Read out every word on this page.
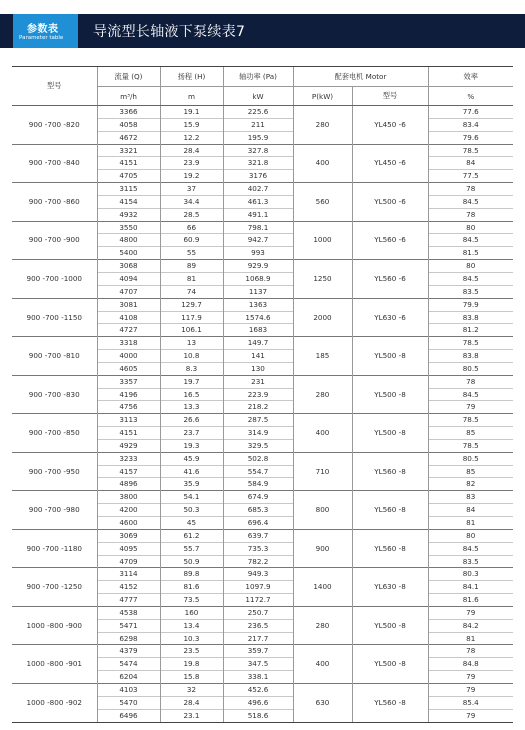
参数表
Parameter table 导流型长轴液下泵续表7
型号	流量 (Q)	扬程 (H)	轴功率 (Pa)	配套电机 Motor		效率
	m³/h	m	kW	P(kW)	型号	%
900 -700 -820	3366	19.1	225.6	280	YL450 -6	77.6
	4058	15.9	211			83.4
	4672	12.2	195.9			79.6
900 -700 -840	3321	28.4	327.8	400	YL450 -6	78.5
	4151	23.9	321.8			84
	4705	19.2	3176			77.5
900 -700 -860	3115	37	402.7	560	YL500 -6	78
	4154	34.4	461.3			84.5
	4932	28.5	491.1			78
900 -700 -900	3550	66	798.1	1000	YL560 -6	80
	4800	60.9	942.7			84.5
	5400	55	993			81.5
900 -700 -1000	3068	89	929.9	1250	YL560 -6	80
	4094	81	1068.9			84.5
	4707	74	1137			83.5
900 -700 -1150	3081	129.7	1363	2000	YL630 -6	79.9
	4108	117.9	1574.6			83.8
	4727	106.1	1683			81.2
900 -700 -810	3318	13	149.7	185	YL500 -8	78.5
	4000	10.8	141			83.8
	4605	8.3	130			80.5
900 -700 -830	3357	19.7	231	280	YL500 -8	78
	4196	16.5	223.9			84.5
	4756	13.3	218.2			79
900 -700 -850	3113	26.6	287.5	400	YL500 -8	78.5
	4151	23.7	314.9			85
	4929	19.3	329.5			78.5
900 -700 -950	3233	45.9	502.8	710	YL560 -8	80.5
	4157	41.6	554.7			85
	4896	35.9	584.9			82
900 -700 -980	3800	54.1	674.9	800	YL560 -8	83
	4200	50.3	685.3			84
	4600	45	696.4			81
900 -700 -1180	3069	61.2	639.7	900	YL560 -8	80
	4095	55.7	735.3			84.5
	4709	50.9	782.2			83.5
900 -700 -1250	3114	89.8	949.3	1400	YL630 -8	80.3
	4152	81.6	1097.9			84.1
	4777	73.5	1172.7			81.6
1000 -800 -900	4538	160	250.7	280	YL500 -8	79
	5471	13.4	236.5			84.2
	6298	10.3	217.7			81
1000 -800 -901	4379	23.5	359.7	400	YL500 -8	78
	5474	19.8	347.5			84.8
	6204	15.8	338.1			79
1000 -800 -902	4103	32	452.6	630	YL560 -8	79
	5470	28.4	496.6			85.4
	6496	23.1	518.6			79
